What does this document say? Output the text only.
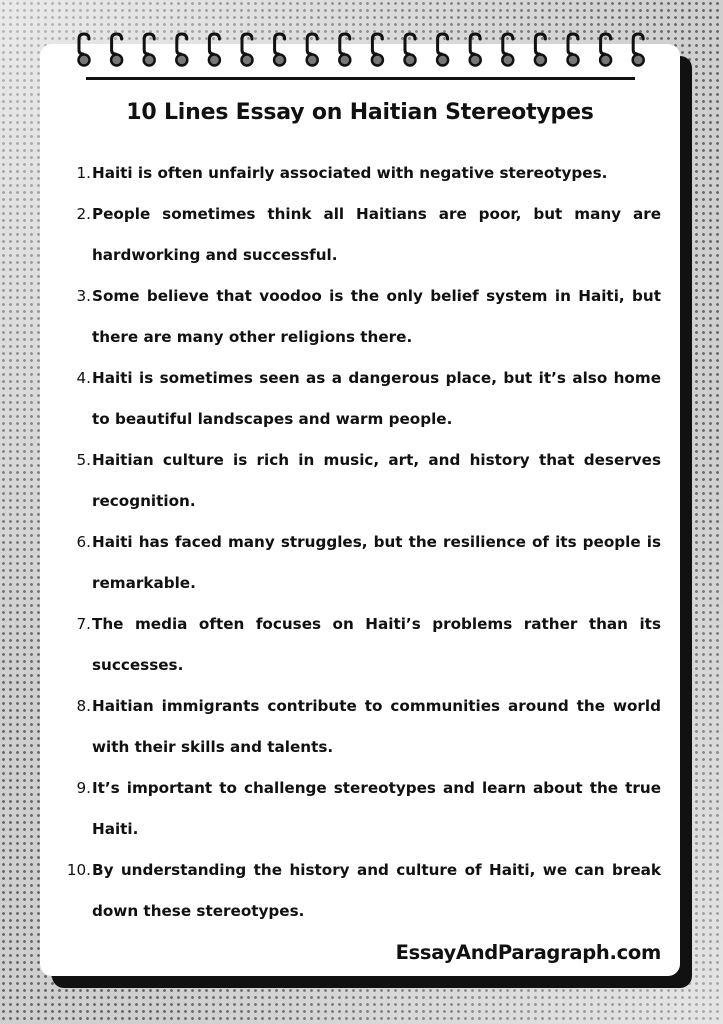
10 Lines Essay on Haitian Stereotypes
1. Haiti is often unfairly associated with negative stereotypes.
2. People sometimes think all Haitians are poor, but many are hardworking and successful.
3. Some believe that voodoo is the only belief system in Haiti, but there are many other religions there.
4. Haiti is sometimes seen as a dangerous place, but it’s also home to beautiful landscapes and warm people.
5. Haitian culture is rich in music, art, and history that deserves recognition.
6. Haiti has faced many struggles, but the resilience of its people is remarkable.
7. The media often focuses on Haiti’s problems rather than its successes.
8. Haitian immigrants contribute to communities around the world with their skills and talents.
9. It’s important to challenge stereotypes and learn about the true Haiti.
10. By understanding the history and culture of Haiti, we can break down these stereotypes.
EssayAndParagraph.com
